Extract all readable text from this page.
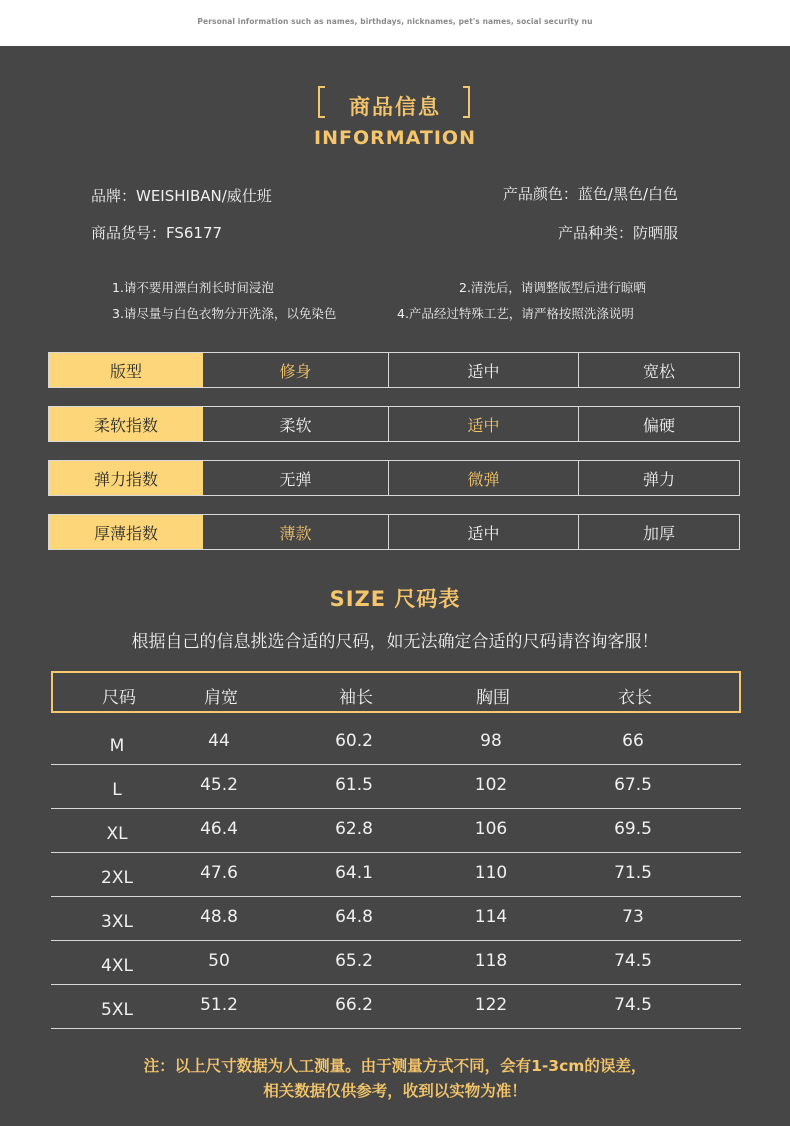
Personal information such as names, birthdays, nicknames, pet's names, social security nu
商品信息
INFORMATION
品牌：WEISHIBAN/威仕班	产品颜色：蓝色/黑色/白色
商品货号：FS6177	产品种类：防晒服
1.请不要用漂白剂长时间浸泡	2.清洗后，请调整版型后进行晾晒
3.请尽量与白色衣物分开洗涤，以免染色	4.产品经过特殊工艺，请严格按照洗涤说明
版型	修身	适中	宽松
柔软指数	柔软	适中	偏硬
弹力指数	无弹	微弹	弹力
厚薄指数	薄款	适中	加厚
SIZE 尺码表
根据自己的信息挑选合适的尺码，如无法确定合适的尺码请咨询客服！
尺码	肩宽	袖长	胸围	衣长
M	44	60.2	98	66
L	45.2	61.5	102	67.5
XL	46.4	62.8	106	69.5
2XL	47.6	64.1	110	71.5
3XL	48.8	64.8	114	73
4XL	50	65.2	118	74.5
5XL	51.2	66.2	122	74.5
注：以上尺寸数据为人工测量。由于测量方式不同，会有1-3cm的误差，
相关数据仅供参考，收到以实物为准！
